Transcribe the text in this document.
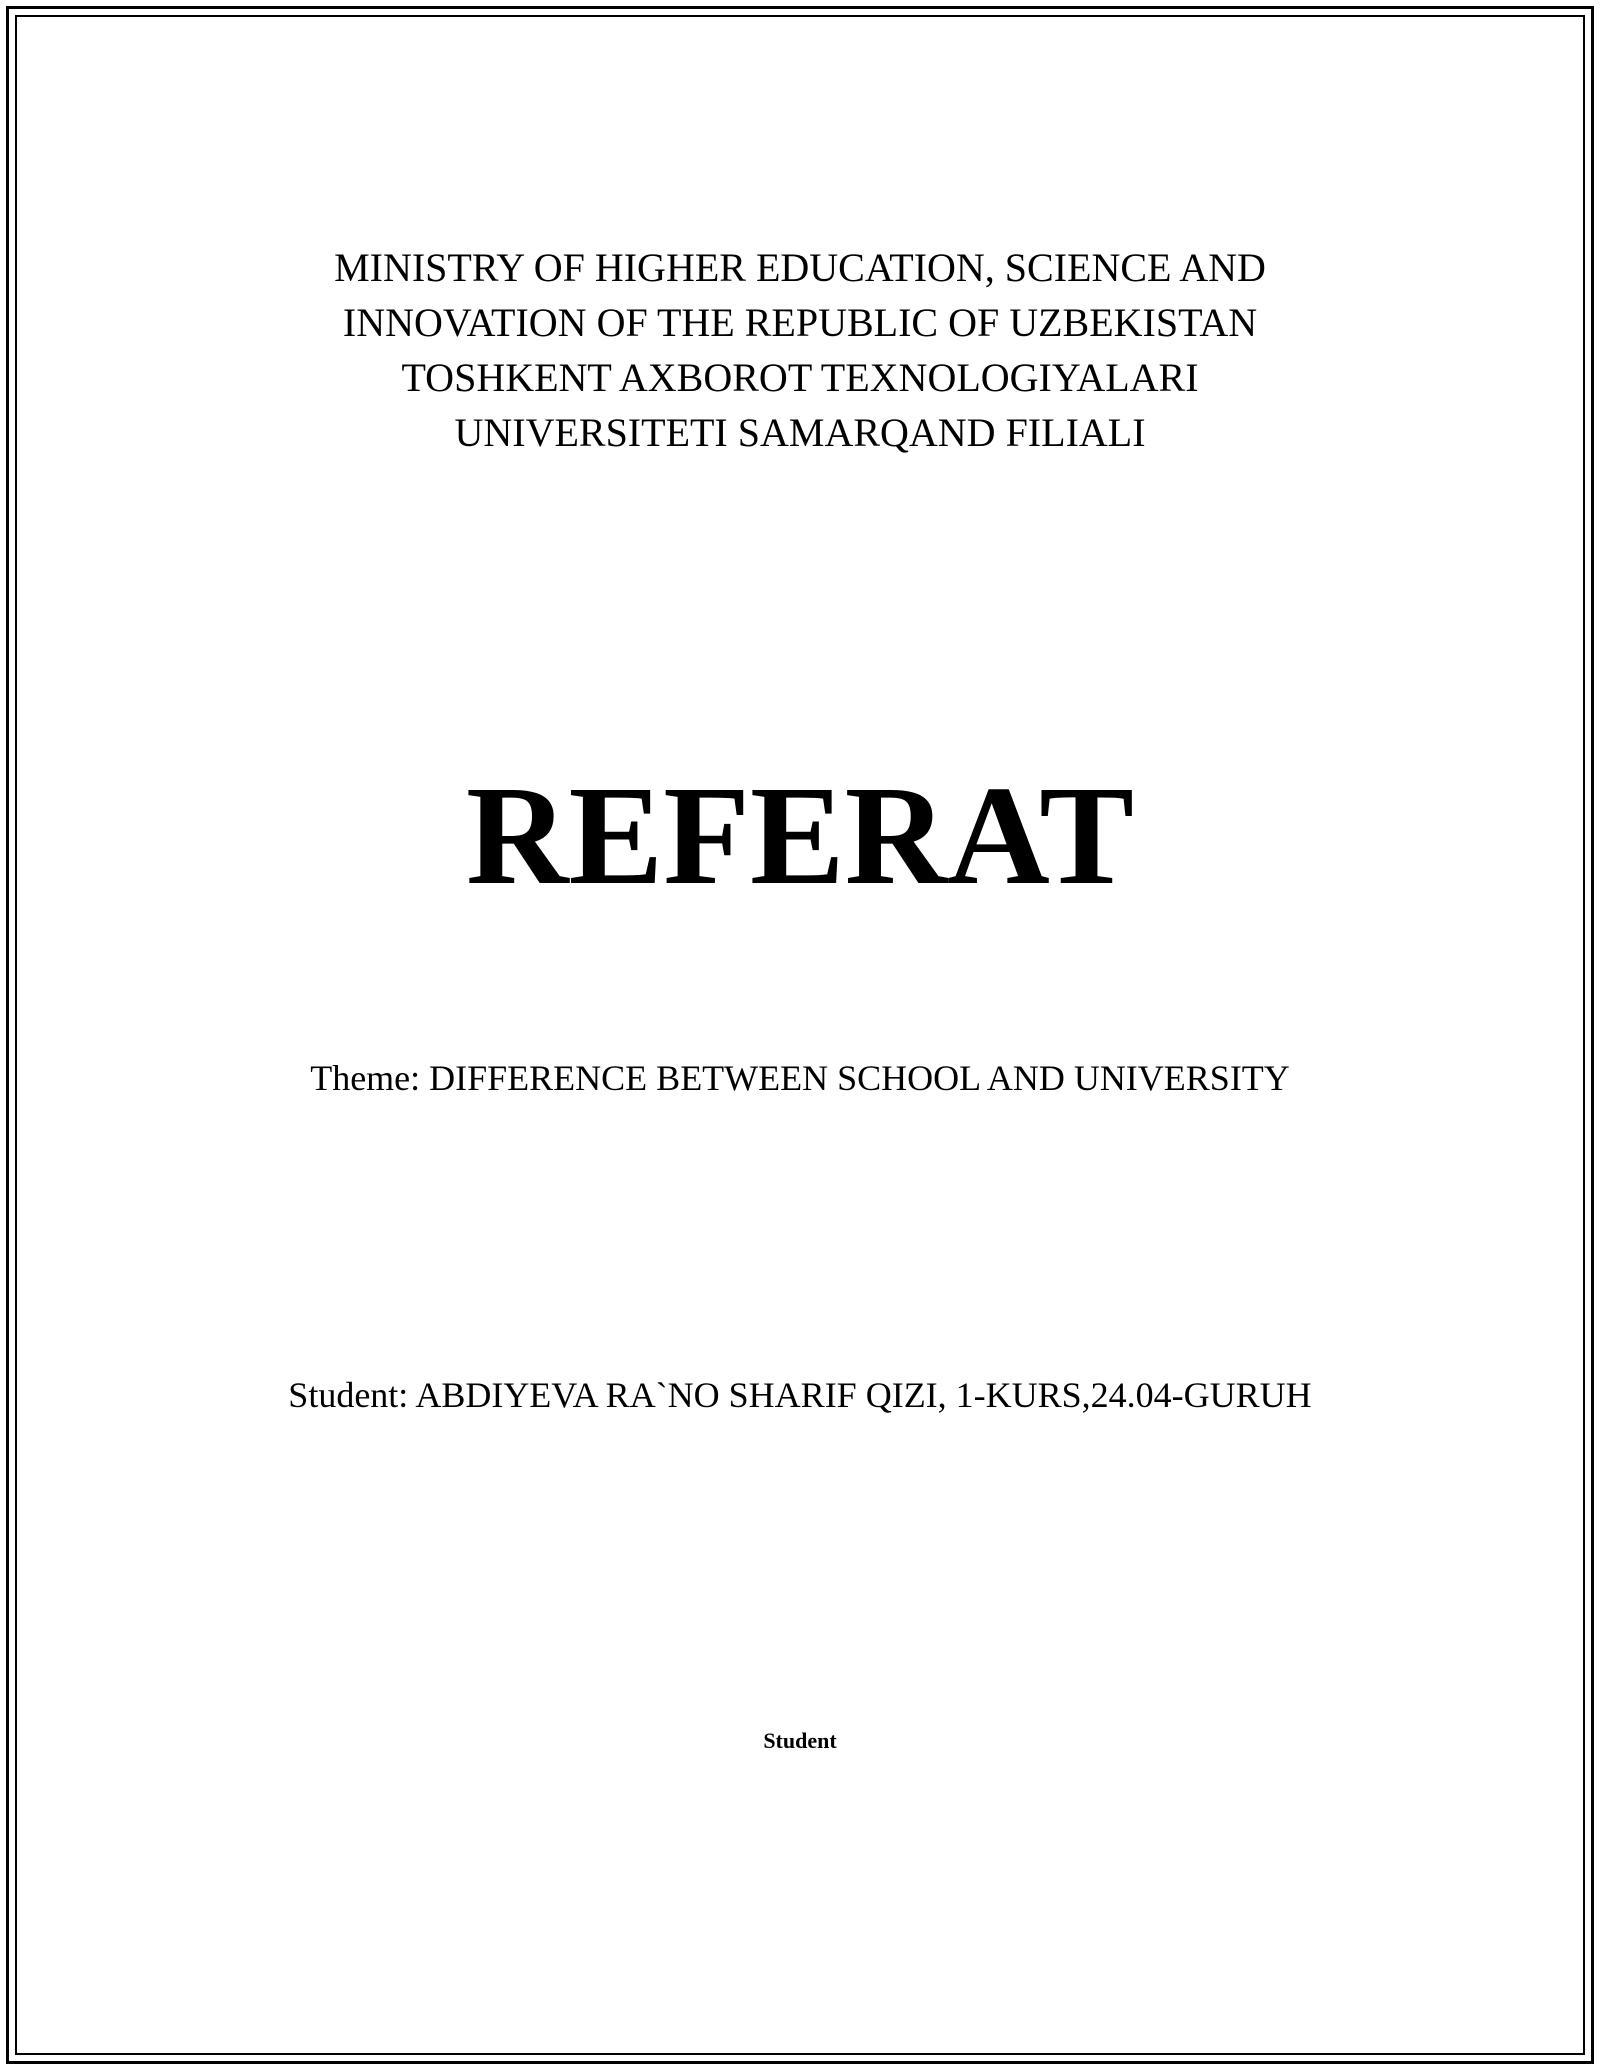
MINISTRY OF HIGHER EDUCATION, SCIENCE AND
INNOVATION OF THE REPUBLIC OF UZBEKISTAN
TOSHKENT AXBOROT TEXNOLOGIYALARI
UNIVERSITETI SAMARQAND FILIALI
REFERAT
Theme: DIFFERENCE BETWEEN SCHOOL AND UNIVERSITY
Student: ABDIYEVA RA`NO SHARIF QIZI, 1-KURS,24.04-GURUH
Student
